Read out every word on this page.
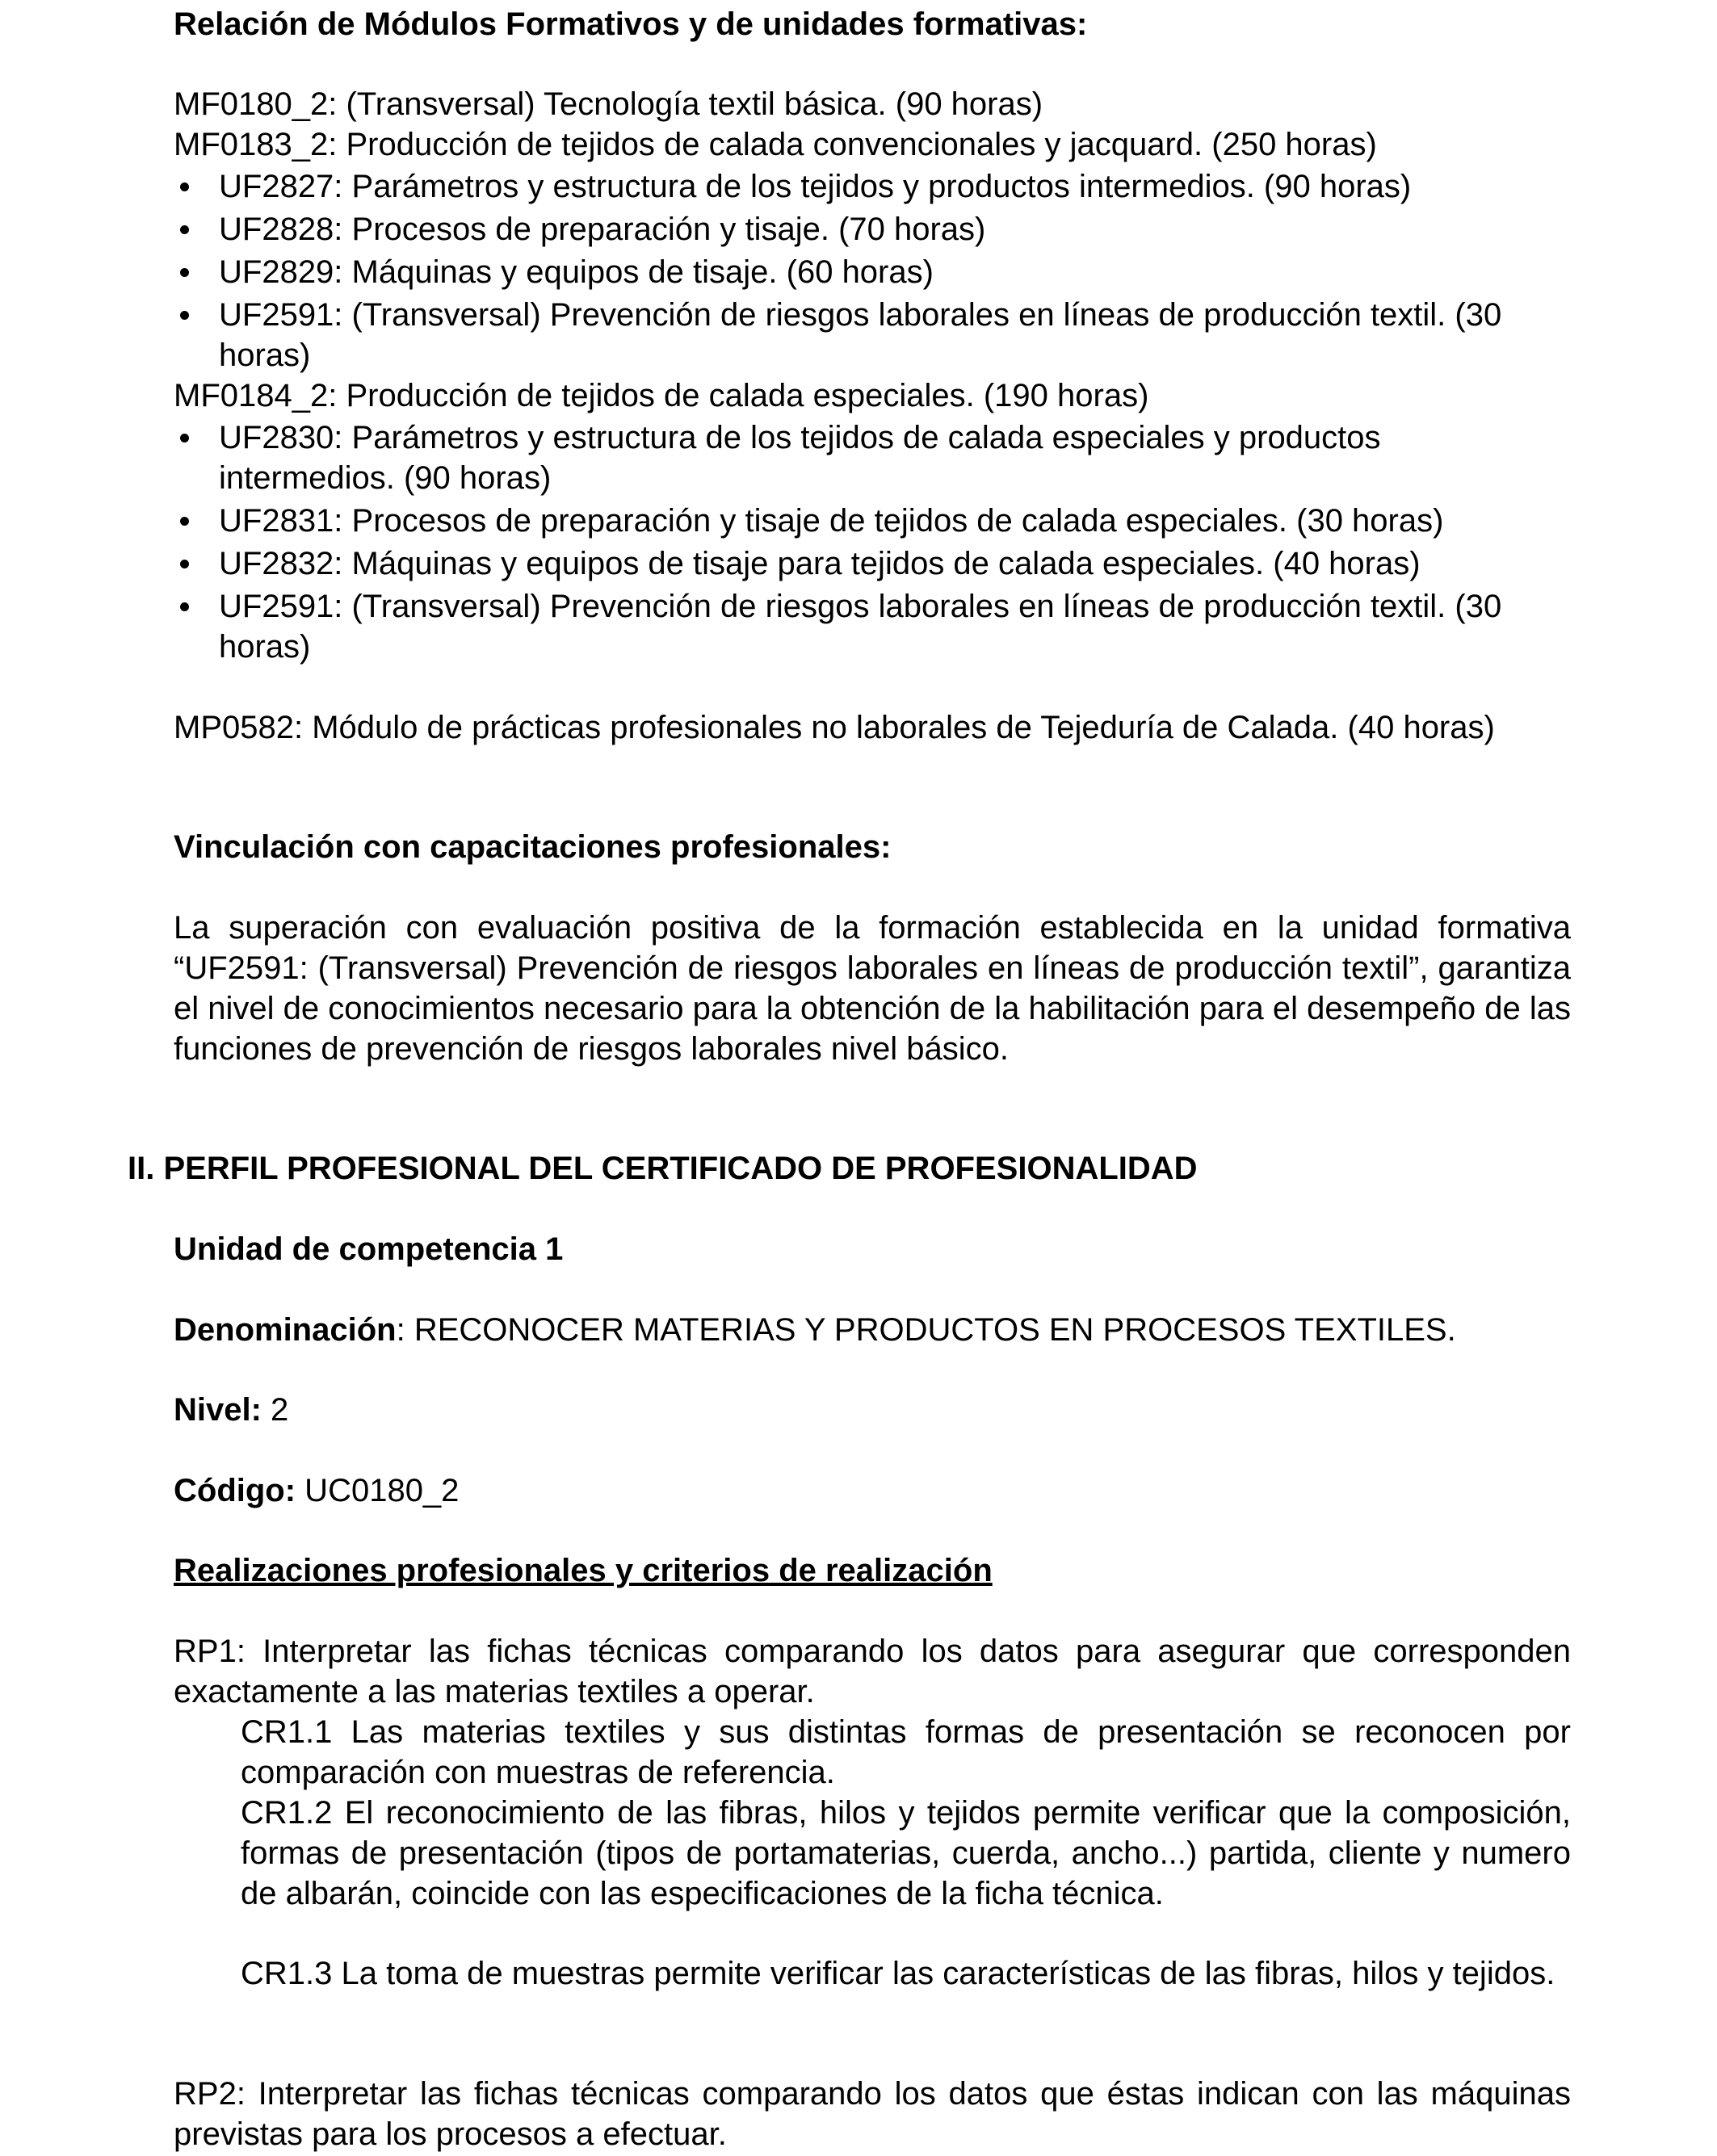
Relación de Módulos Formativos y de unidades formativas:

MF0180_2: (Transversal) Tecnología textil básica. (90 horas)

MF0183_2: Producción de tejidos de calada convencionales y jacquard. (250 horas)

UF2827: Parámetros y estructura de los tejidos y productos intermedios. (90 horas)
UF2828: Procesos de preparación y tisaje. (70 horas)
UF2829: Máquinas y equipos de tisaje. (60 horas)
UF2591: (Transversal) Prevención de riesgos laborales en líneas de producción textil. (30 horas)

MF0184_2: Producción de tejidos de calada especiales. (190 horas)

UF2830: Parámetros y estructura de los tejidos de calada especiales y productos intermedios. (90 horas)
UF2831: Procesos de preparación y tisaje de tejidos de calada especiales. (30 horas)
UF2832: Máquinas y equipos de tisaje para tejidos de calada especiales. (40 horas)
UF2591: (Transversal) Prevención de riesgos laborales en líneas de producción textil. (30 horas)

MP0582: Módulo de prácticas profesionales no laborales de Tejeduría de Calada. (40 horas)

Vinculación con capacitaciones profesionales:

La superación con evaluación positiva de la formación establecida en la unidad formativa “UF2591: (Transversal) Prevención de riesgos laborales en líneas de producción textil”, garantiza el nivel de conocimientos necesario para la obtención de la habilitación para el desempeño de las funciones de prevención de riesgos laborales nivel básico.

II. PERFIL PROFESIONAL DEL CERTIFICADO DE PROFESIONALIDAD

Unidad de competencia 1

Denominación: RECONOCER MATERIAS Y PRODUCTOS EN PROCESOS TEXTILES.

Nivel: 2

Código: UC0180_2

Realizaciones profesionales y criterios de realización

RP1: Interpretar las fichas técnicas comparando los datos para asegurar que corresponden exactamente a las materias textiles a operar.

CR1.1 Las materias textiles y sus distintas formas de presentación se reconocen por comparación con muestras de referencia.

CR1.2 El reconocimiento de las fibras, hilos y tejidos permite verificar que la composición, formas de presentación (tipos de portamaterias, cuerda, ancho...) partida, cliente y numero de albarán, coincide con las especificaciones de la ficha técnica.

CR1.3 La toma de muestras permite verificar las características de las fibras, hilos y tejidos.

RP2: Interpretar las fichas técnicas comparando los datos que éstas indican con las máquinas previstas para los procesos a efectuar.
